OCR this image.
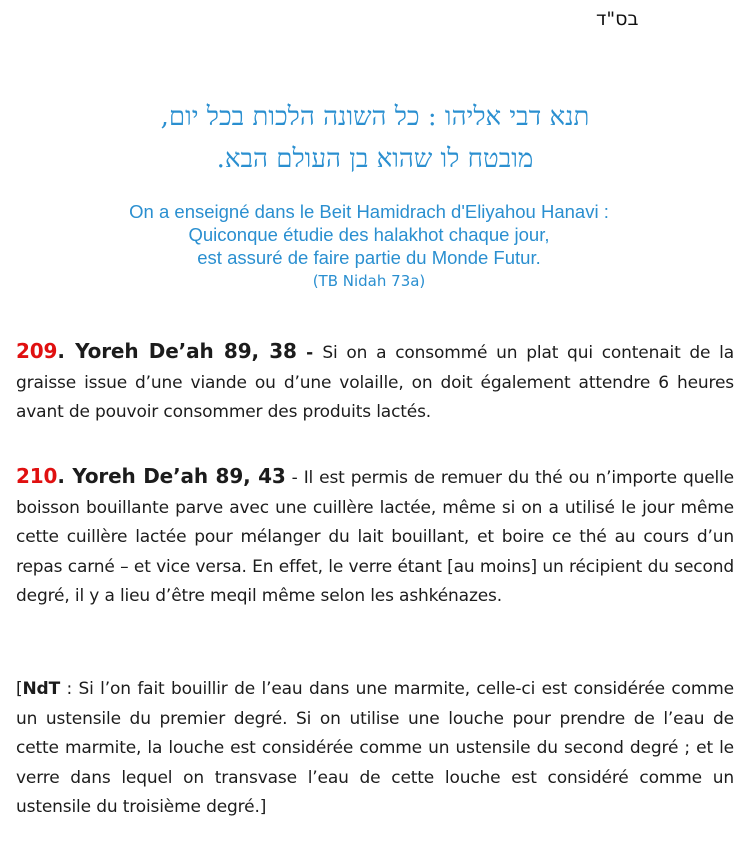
בס"ד
תנא דבי אליהו : כל השונה הלכות בכל יום,
מובטח לו שהוא בן העולם הבא.
On a enseigné dans le Beit Hamidrach d'Eliyahou Hanavi :
Quiconque étudie des halakhot chaque jour,
est assuré de faire partie du Monde Futur.
(TB Nidah 73a)
209. Yoreh De’ah 89, 38 - Si on a consommé un plat qui contenait de la graisse issue d’une viande ou d’une volaille, on doit également attendre 6 heures avant de pouvoir consommer des produits lactés.
210. Yoreh De’ah 89, 43 - Il est permis de remuer du thé ou n’importe quelle boisson bouillante parve avec une cuillère lactée, même si on a utilisé le jour même cette cuillère lactée pour mélanger du lait bouillant, et boire ce thé au cours d’un repas carné – et vice versa. En effet, le verre étant [au moins] un récipient du second degré, il y a lieu d’être meqil même selon les ashkénazes.
[NdT : Si l’on fait bouillir de l’eau dans une marmite, celle-ci est considérée comme un ustensile du premier degré. Si on utilise une louche pour prendre de l’eau de cette marmite, la louche est considérée comme un ustensile du second degré ; et le verre dans lequel on transvase l’eau de cette louche est considéré comme un ustensile du troisième degré.]
